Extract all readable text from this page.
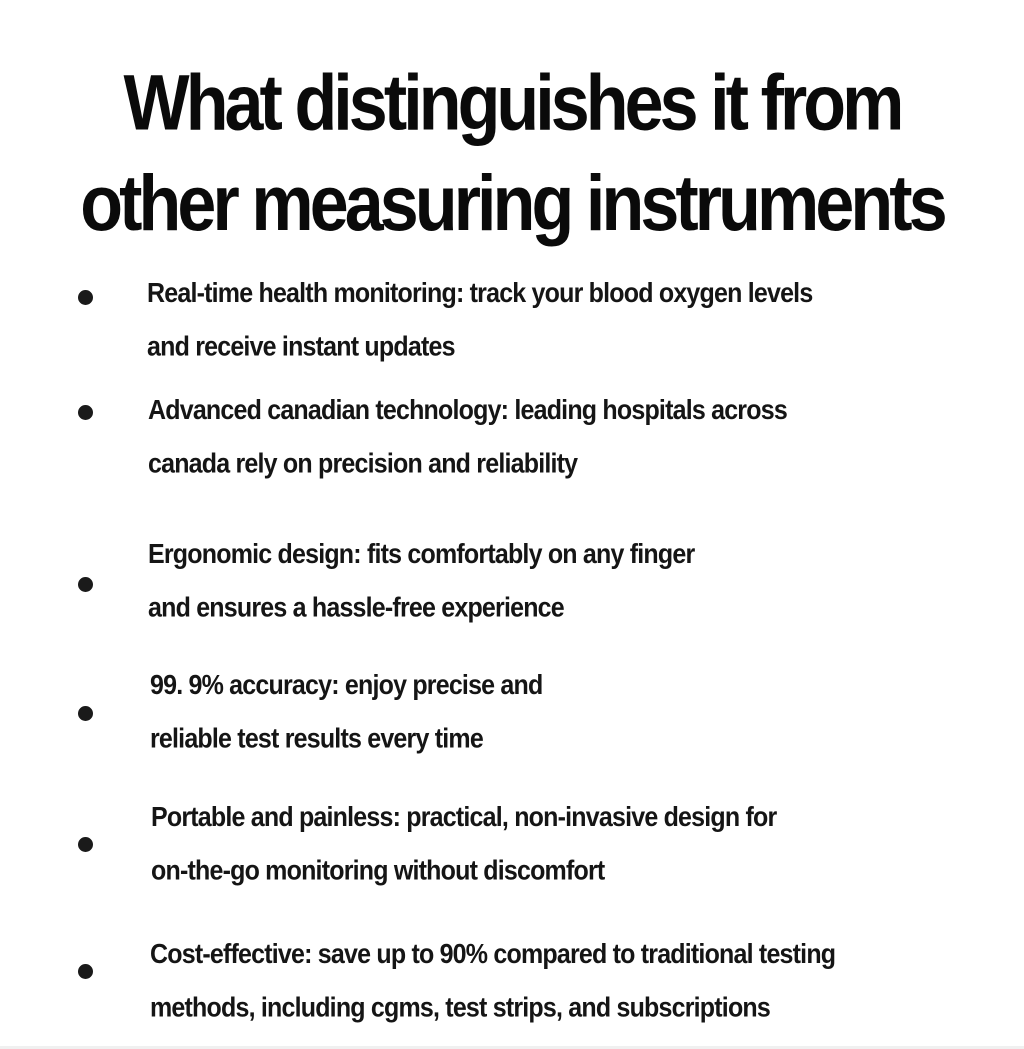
What distinguishes it from
other measuring instruments
Real-time health monitoring: track your blood oxygen levels
and receive instant updates
Advanced canadian technology: leading hospitals across
canada rely on precision and reliability
Ergonomic design: fits comfortably on any finger
and ensures a hassle-free experience
99. 9% accuracy: enjoy precise and
reliable test results every time
Portable and painless: practical, non-invasive design for
on-the-go monitoring without discomfort
Cost-effective: save up to 90% compared to traditional testing
methods, including cgms, test strips, and subscriptions
